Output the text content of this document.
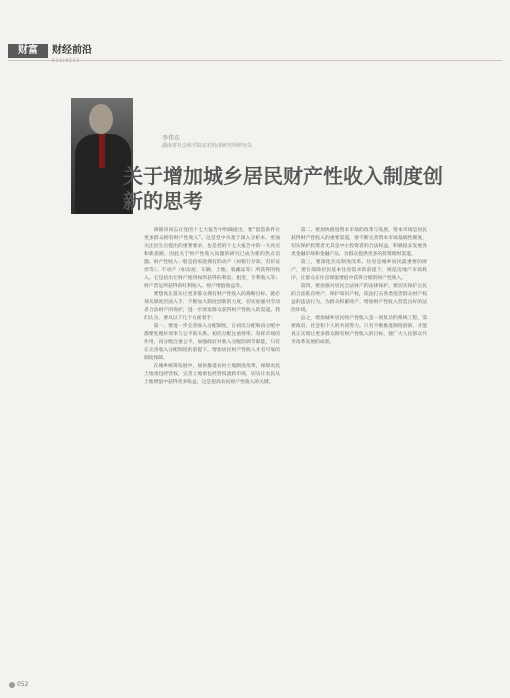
财富	财经前沿
李伟东
湖南省社会科学院农村经济研究所研究员
关于增加城乡居民财产性收入制度创新的思考

胡锦涛同志在党的十七大报告中明确提出，要“创造条件让更多群众拥有财产性收入”。这是党中央基于深入分析本、更加关注民生后提出的重要要求，也是党的十七大报告中的一大亮点和新思路，因此关于财产性收入问题的研究已成为新的热点话题。财产性收入一般是指家庭拥有的动产（如银行存款、有价证券等）、不动产（如房屋、车辆、土地、收藏品等）所获得的收入。它包括出让财产使用权所获得的利息、租金、专利收入等；财产营运所获得的红利收入、财产增值收益等。

要想真正落实让更多群众拥有财产性收入的战略目标，就必须从制度层面入手，不断加大制度创新的力度，切实加强对劳动者合法财产的保护，进一步放宽群众获得财产性收入的渠道。我们认为，要从以下几个方面着手：

第一，要进一步完善收入分配制度，在初次分配和再分配中都要处理好效率与公平的关系。初次分配注重效率，发挥市场的作用，再分配注重公平，加强政府对收入分配的调节职能。只有在完善收入分配制度的前提下，增加居民财产性收入才有可靠的制度保障。

在城乡统筹发展中，加快推进农村土地制度改革，保障农民土地承包经营权，完善土地承包经营权流转市场，切实让农民从土地增值中获得更多收益，这是提高农民财产性收入的关键。

第二，要加快推进资本市场的改革与发展。资本市场是居民获得财产性收入的重要渠道。要不断完善资本市场基础性制度，切实保护投资者尤其是中小投资者的合法权益，积极稳妥发展各类金融市场和金融产品，为群众提供更多的投资理财渠道。

第三，要深化住房制度改革。住房是城乡居民最重要的财产，要在保障居民基本住房需求的前提下，规范房地产市场秩序，让群众在住房保值增值中获得合理的财产性收入。

第四，要加强对居民合法财产的法律保护。要切实保护公民的合法私有财产，保护知识产权，依法打击各类侵害群众财产权益的违法行为，为群众积累财产、增加财产性收入营造良好的法治环境。

总之，增加城乡居民财产性收入是一项复杂的系统工程，需要政府、社会和个人的共同努力。只有不断推进制度创新，才能真正实现让更多群众拥有财产性收入的目标，使广大人民群众共享改革发展的成果。

052
